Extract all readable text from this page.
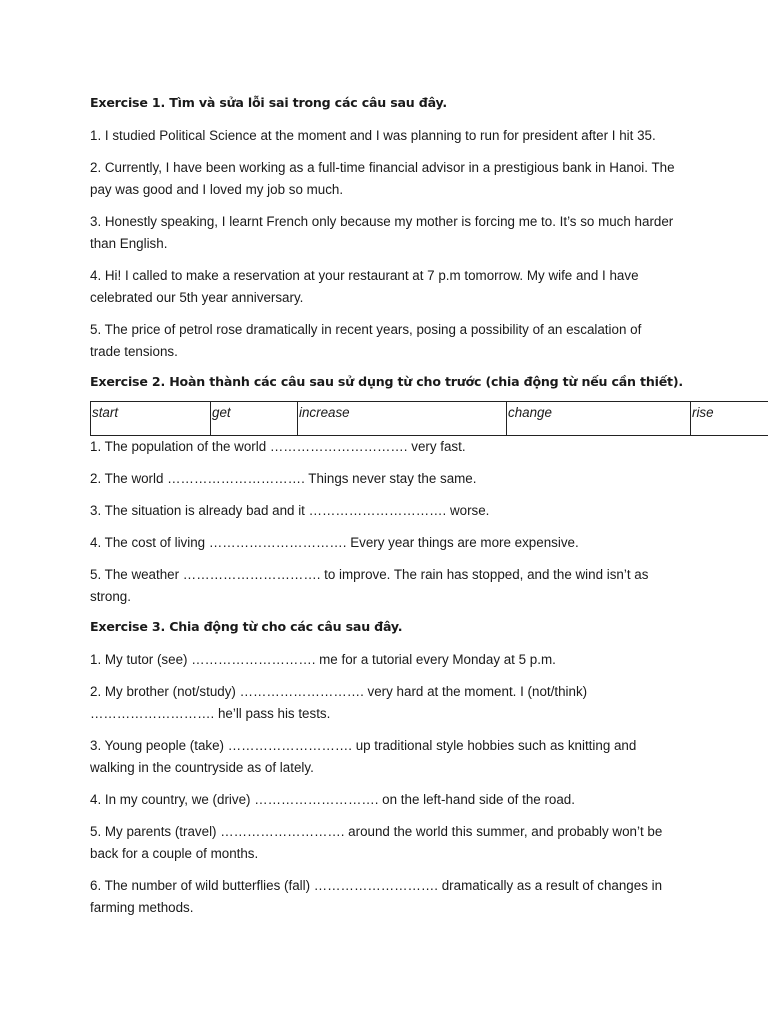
Exercise 1. Tìm và sửa lỗi sai trong các câu sau đây.
1. I studied Political Science at the moment and I was planning to run for president after I hit 35.
2. Currently, I have been working as a full-time financial advisor in a prestigious bank in Hanoi. The pay was good and I loved my job so much.
3. Honestly speaking, I learnt French only because my mother is forcing me to. It’s so much harder than English.
4. Hi! I called to make a reservation at your restaurant at 7 p.m tomorrow. My wife and I have celebrated our 5th year anniversary.
5. The price of petrol rose dramatically in recent years, posing a possibility of an escalation of trade tensions.
Exercise 2. Hoàn thành các câu sau sử dụng từ cho trước (chia động từ nếu cần thiết).
start	get	increase	change	rise
1. The population of the world …………………………. very fast.
2. The world …………………………. Things never stay the same.
3. The situation is already bad and it …………………………. worse.
4. The cost of living …………………………. Every year things are more expensive.
5. The weather …………………………. to improve. The rain has stopped, and the wind isn’t as strong.
Exercise 3. Chia động từ cho các câu sau đây.
1. My tutor (see) ………………………. me for a tutorial every Monday at 5 p.m.
2. My brother (not/study) ………………………. very hard at the moment. I (not/think) ………………………. he’ll pass his tests.
3. Young people (take) ………………………. up traditional style hobbies such as knitting and walking in the countryside as of lately.
4. In my country, we (drive) ………………………. on the left-hand side of the road.
5. My parents (travel) ………………………. around the world this summer, and probably won’t be back for a couple of months.
6. The number of wild butterflies (fall) ………………………. dramatically as a result of changes in farming methods.
